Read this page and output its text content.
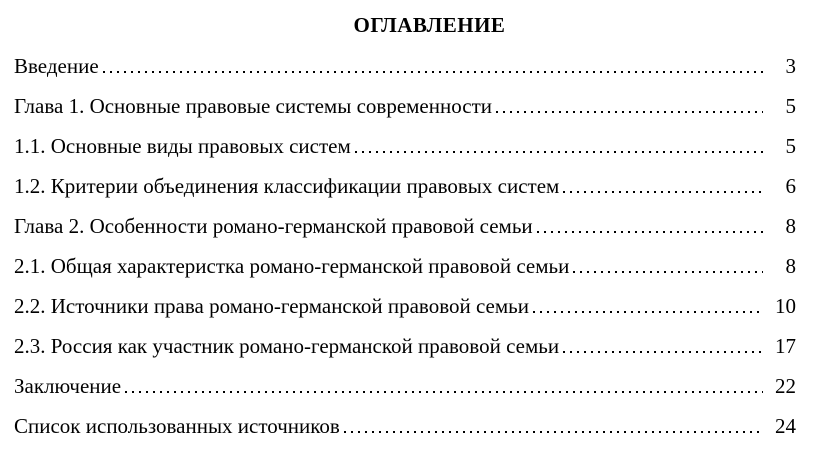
ОГЛАВЛЕНИЕ
Введение	3
Глава 1. Основные правовые системы современности	5
1.1. Основные виды правовых систем	5
1.2. Критерии объединения классификации правовых систем	6
Глава 2. Особенности романо-германской правовой семьи	8
2.1. Общая характеристка романо-германской правовой семьи	8
2.2. Источники права романо-германской правовой семьи	10
2.3. Россия как участник романо-германской правовой семьи	17
Заключение	22
Список использованных источников	24
